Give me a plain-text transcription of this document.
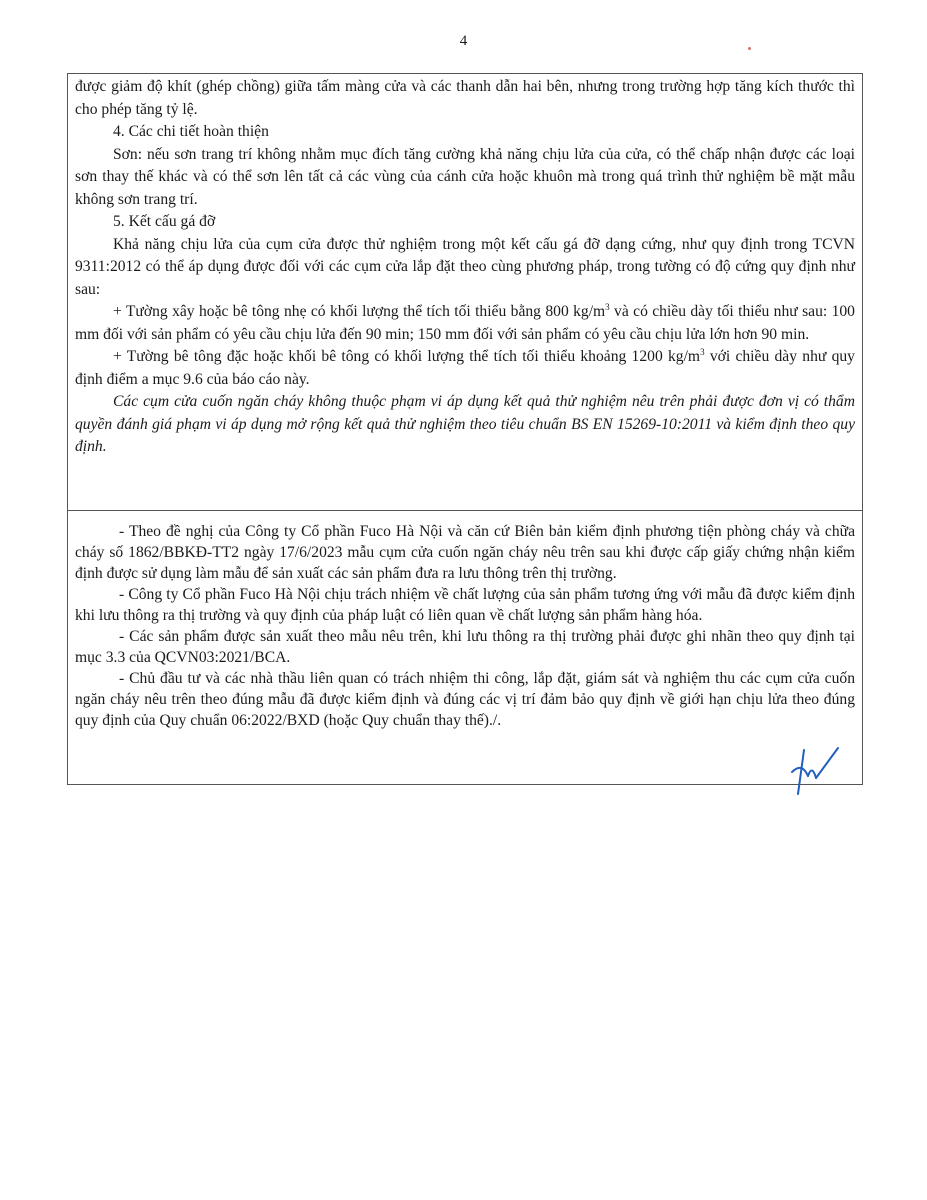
4

được giảm độ khít (ghép chồng) giữa tấm màng cửa và các thanh dẫn hai bên, nhưng trong trường hợp tăng kích thước thì cho phép tăng tỷ lệ.

4. Các chi tiết hoàn thiện

Sơn: nếu sơn trang trí không nhằm mục đích tăng cường khả năng chịu lửa của cửa, có thể chấp nhận được các loại sơn thay thế khác và có thể sơn lên tất cả các vùng của cánh cửa hoặc khuôn mà trong quá trình thử nghiệm bề mặt mẫu không sơn trang trí.

5. Kết cấu gá đỡ

Khả năng chịu lửa của cụm cửa được thử nghiệm trong một kết cấu gá đỡ dạng cứng, như quy định trong TCVN 9311:2012 có thể áp dụng được đối với các cụm cửa lắp đặt theo cùng phương pháp, trong tường có độ cứng quy định như sau:

+ Tường xây hoặc bê tông nhẹ có khối lượng thể tích tối thiểu bằng 800 $kg/m^3$ và có chiều dày tối thiểu như sau: 100 mm đối với sản phẩm có yêu cầu chịu lửa đến 90 min; 150 mm đối với sản phẩm có yêu cầu chịu lửa lớn hơn 90 min.

+ Tường bê tông đặc hoặc khối bê tông có khối lượng thể tích tối thiểu khoảng 1200 $kg/m^3$ với chiều dày như quy định điểm a mục 9.6 của báo cáo này.

Các cụm cửa cuốn ngăn cháy không thuộc phạm vi áp dụng kết quả thử nghiệm nêu trên phải được đơn vị có thẩm quyền đánh giá phạm vi áp dụng mở rộng kết quả thử nghiệm theo tiêu chuẩn BS EN 15269-10:2011 và kiểm định theo quy định.

- Theo đề nghị của Công ty Cổ phần Fuco Hà Nội và căn cứ Biên bản kiểm định phương tiện phòng cháy và chữa cháy số 1862/BBKĐ-TT2 ngày 17/6/2023 mẫu cụm cửa cuốn ngăn cháy nêu trên sau khi được cấp giấy chứng nhận kiểm định được sử dụng làm mẫu để sản xuất các sản phẩm đưa ra lưu thông trên thị trường.

- Công ty Cổ phần Fuco Hà Nội chịu trách nhiệm về chất lượng của sản phẩm tương ứng với mẫu đã được kiểm định khi lưu thông ra thị trường và quy định của pháp luật có liên quan về chất lượng sản phẩm hàng hóa.

- Các sản phẩm được sản xuất theo mẫu nêu trên, khi lưu thông ra thị trường phải được ghi nhãn theo quy định tại mục 3.3 của QCVN03:2021/BCA.

- Chủ đầu tư và các nhà thầu liên quan có trách nhiệm thi công, lắp đặt, giám sát và nghiệm thu các cụm cửa cuốn ngăn cháy nêu trên theo đúng mẫu đã được kiểm định và đúng các vị trí đảm bảo quy định về giới hạn chịu lửa theo đúng quy định của Quy chuẩn 06:2022/BXD (hoặc Quy chuẩn thay thế)./.
